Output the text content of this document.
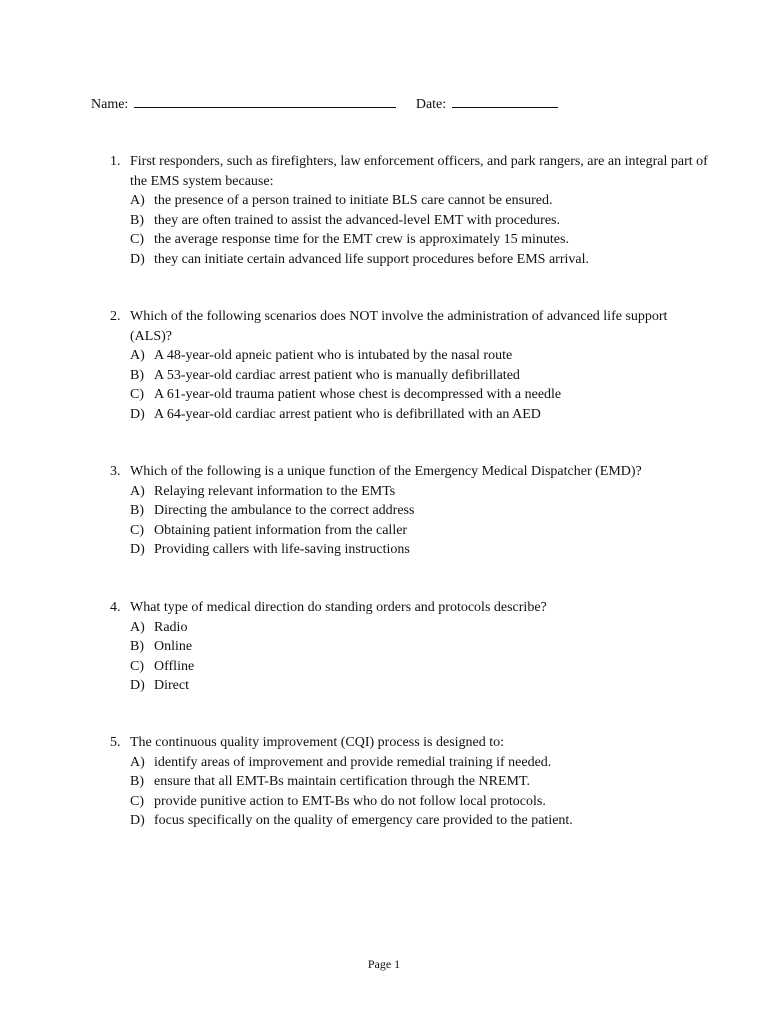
Name:	Date:
1. First responders, such as firefighters, law enforcement officers, and park rangers, are an integral part of the EMS system because:
A) the presence of a person trained to initiate BLS care cannot be ensured.
B) they are often trained to assist the advanced-level EMT with procedures.
C) the average response time for the EMT crew is approximately 15 minutes.
D) they can initiate certain advanced life support procedures before EMS arrival.
2. Which of the following scenarios does NOT involve the administration of advanced life support (ALS)?
A) A 48-year-old apneic patient who is intubated by the nasal route
B) A 53-year-old cardiac arrest patient who is manually defibrillated
C) A 61-year-old trauma patient whose chest is decompressed with a needle
D) A 64-year-old cardiac arrest patient who is defibrillated with an AED
3. Which of the following is a unique function of the Emergency Medical Dispatcher (EMD)?
A) Relaying relevant information to the EMTs
B) Directing the ambulance to the correct address
C) Obtaining patient information from the caller
D) Providing callers with life-saving instructions
4. What type of medical direction do standing orders and protocols describe?
A) Radio
B) Online
C) Offline
D) Direct
5. The continuous quality improvement (CQI) process is designed to:
A) identify areas of improvement and provide remedial training if needed.
B) ensure that all EMT-Bs maintain certification through the NREMT.
C) provide punitive action to EMT-Bs who do not follow local protocols.
D) focus specifically on the quality of emergency care provided to the patient.
Page 1
